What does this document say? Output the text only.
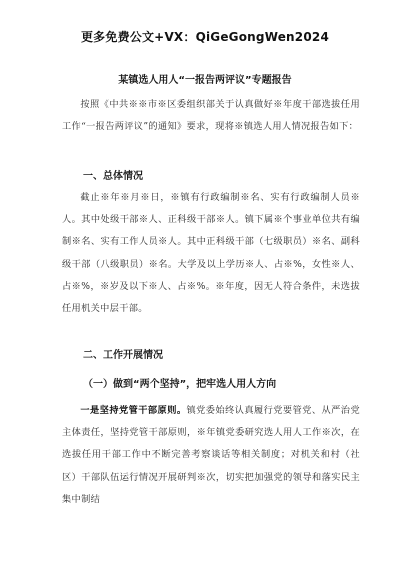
更多免费公文+VX：QiGeGongWen2024
某镇选人用人“一报告两评议”专题报告
按照《中共※※市※区委组织部关于认真做好※年度干部选拔任用工作“一报告两评议”的通知》要求，现将※镇选人用人情况报告如下：
一、总体情况
截止※年※月※日，※镇有行政编制※名、实有行政编制人员※人。其中处级干部※人、正科级干部※人。镇下属※个事业单位共有编制※名、实有工作人员※人。其中正科级干部（七级职员）※名、副科级干部（八级职员）※名。大学及以上学历※人、占※%，女性※人、占※%，※岁及以下※人、占※%。※年度，因无人符合条件，未选拔任用机关中层干部。
二、工作开展情况
（一）做到“两个坚持”，把牢选人用人方向
一是坚持党管干部原则。镇党委始终认真履行党要管党、从严治党主体责任，坚持党管干部原则，※年镇党委研究选人用人工作※次，在选拔任用干部工作中不断完善考察谈话等相关制度；对机关和村（社区）干部队伍运行情况开展研判※次，切实把加强党的领导和落实民主集中制结
